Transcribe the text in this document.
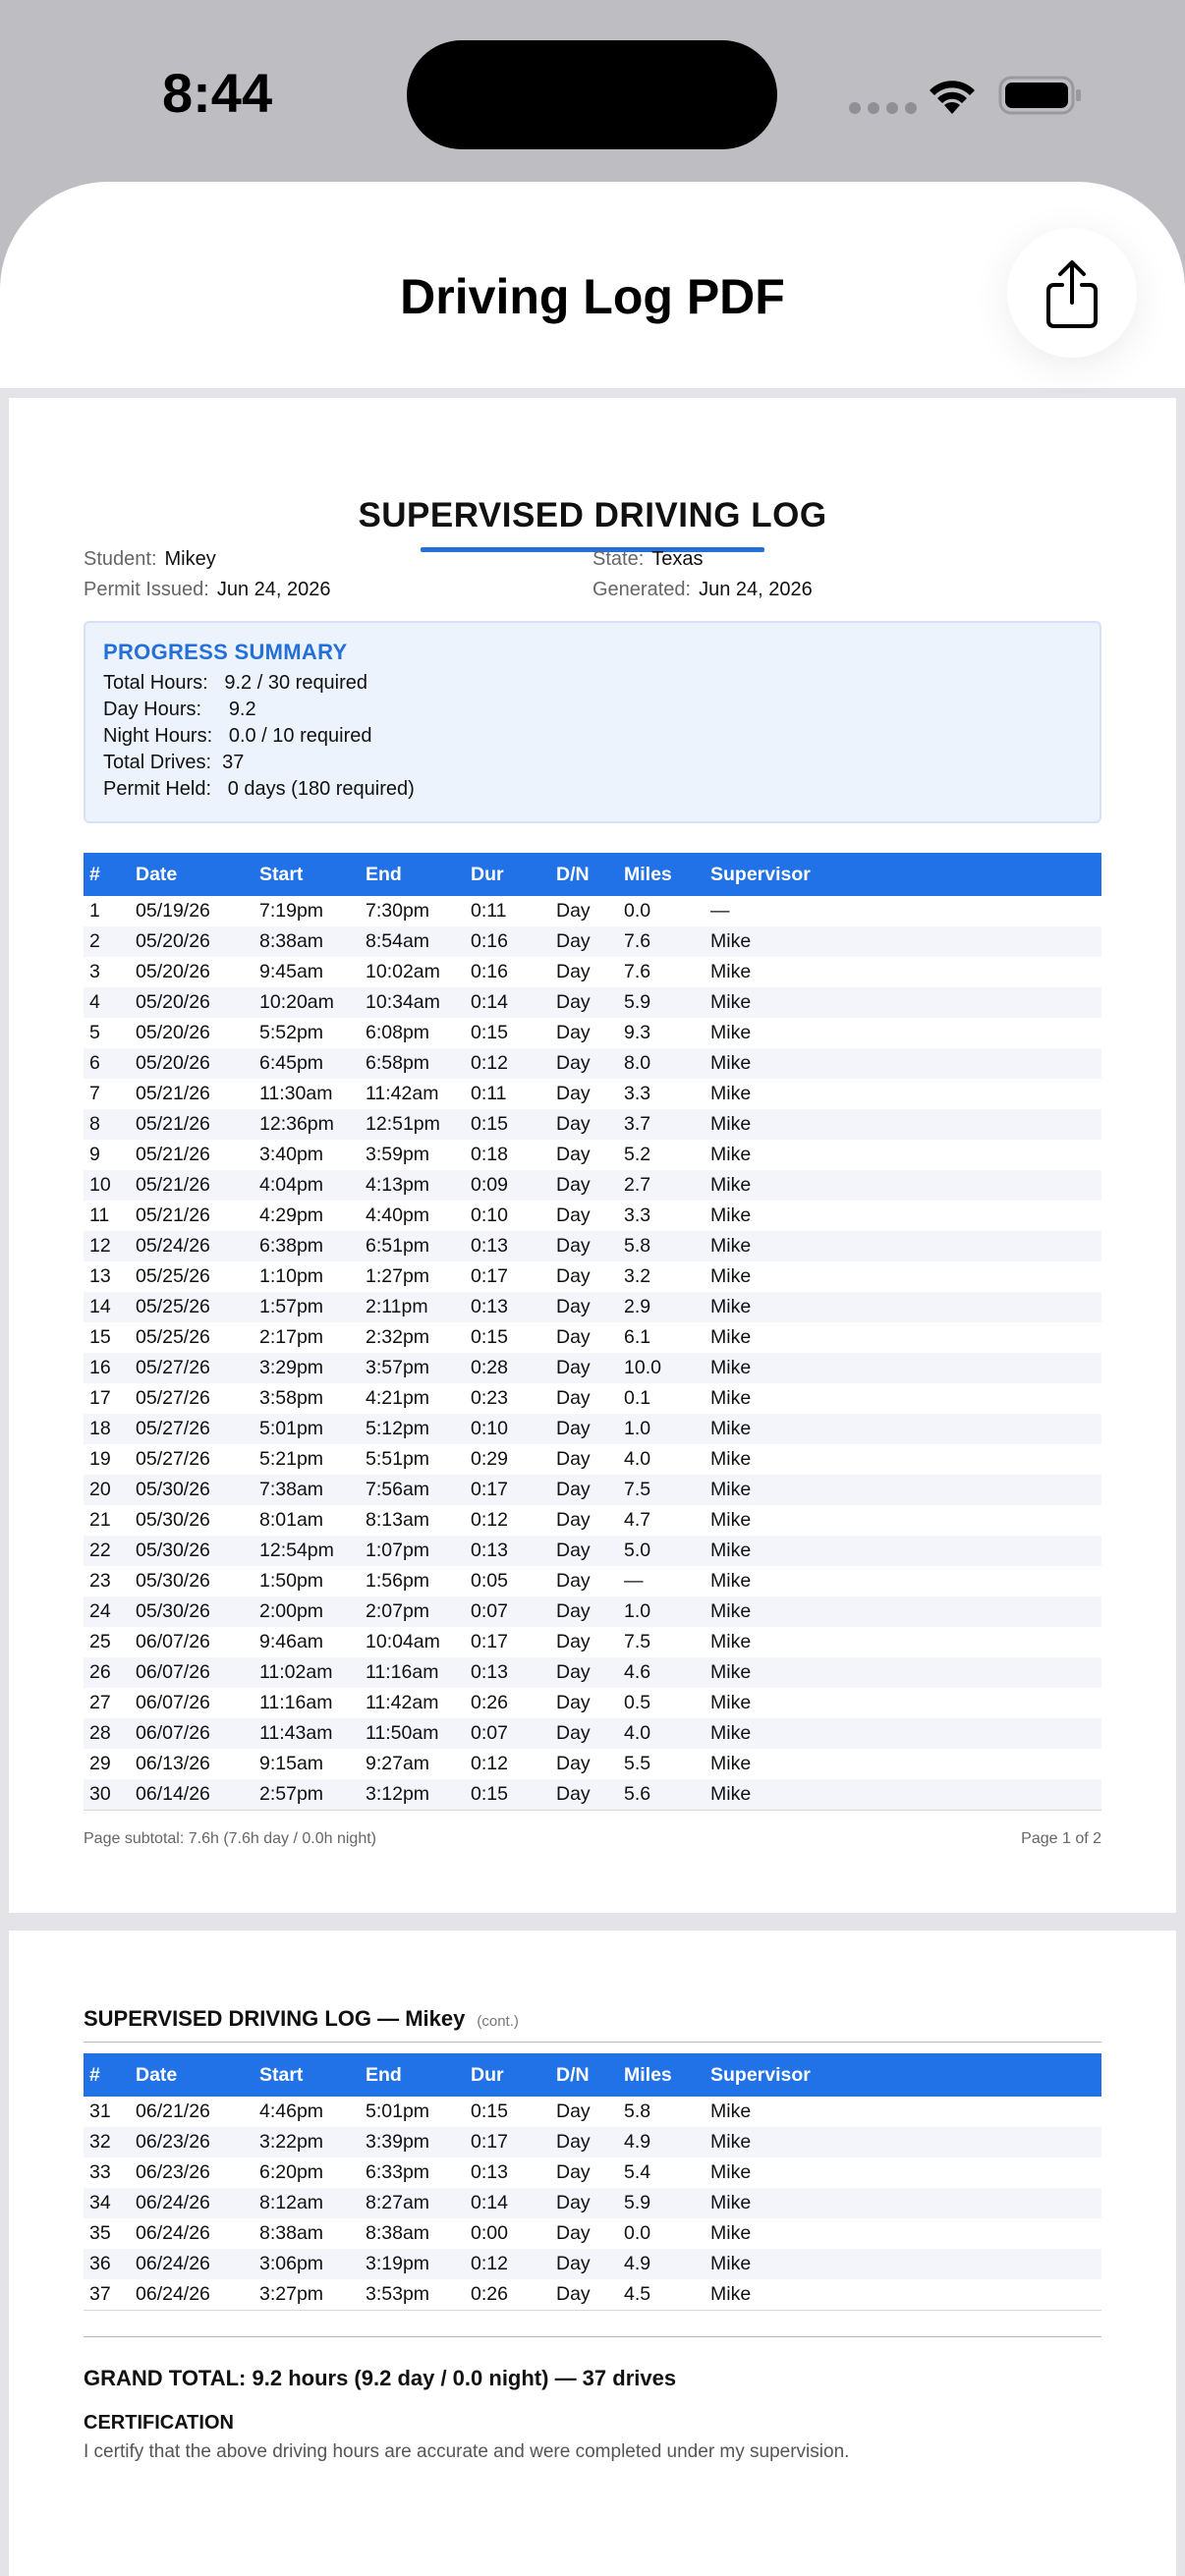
8:44
Driving Log PDF
SUPERVISED DRIVING LOG
Student: Mikey	State: Texas
Permit Issued: Jun 24, 2026	Generated: Jun 24, 2026
PROGRESS SUMMARY
Total Hours:   9.2 / 30 required
Day Hours:     9.2
Night Hours:   0.0 / 10 required
Total Drives:  37
Permit Held:   0 days (180 required)
#	Date	Start	End	Dur	D/N	Miles	Supervisor
1	05/19/26	7:19pm	7:30pm	0:11	Day	0.0	—
2	05/20/26	8:38am	8:54am	0:16	Day	7.6	Mike
3	05/20/26	9:45am	10:02am	0:16	Day	7.6	Mike
4	05/20/26	10:20am	10:34am	0:14	Day	5.9	Mike
5	05/20/26	5:52pm	6:08pm	0:15	Day	9.3	Mike
6	05/20/26	6:45pm	6:58pm	0:12	Day	8.0	Mike
7	05/21/26	11:30am	11:42am	0:11	Day	3.3	Mike
8	05/21/26	12:36pm	12:51pm	0:15	Day	3.7	Mike
9	05/21/26	3:40pm	3:59pm	0:18	Day	5.2	Mike
10	05/21/26	4:04pm	4:13pm	0:09	Day	2.7	Mike
11	05/21/26	4:29pm	4:40pm	0:10	Day	3.3	Mike
12	05/24/26	6:38pm	6:51pm	0:13	Day	5.8	Mike
13	05/25/26	1:10pm	1:27pm	0:17	Day	3.2	Mike
14	05/25/26	1:57pm	2:11pm	0:13	Day	2.9	Mike
15	05/25/26	2:17pm	2:32pm	0:15	Day	6.1	Mike
16	05/27/26	3:29pm	3:57pm	0:28	Day	10.0	Mike
17	05/27/26	3:58pm	4:21pm	0:23	Day	0.1	Mike
18	05/27/26	5:01pm	5:12pm	0:10	Day	1.0	Mike
19	05/27/26	5:21pm	5:51pm	0:29	Day	4.0	Mike
20	05/30/26	7:38am	7:56am	0:17	Day	7.5	Mike
21	05/30/26	8:01am	8:13am	0:12	Day	4.7	Mike
22	05/30/26	12:54pm	1:07pm	0:13	Day	5.0	Mike
23	05/30/26	1:50pm	1:56pm	0:05	Day	—	Mike
24	05/30/26	2:00pm	2:07pm	0:07	Day	1.0	Mike
25	06/07/26	9:46am	10:04am	0:17	Day	7.5	Mike
26	06/07/26	11:02am	11:16am	0:13	Day	4.6	Mike
27	06/07/26	11:16am	11:42am	0:26	Day	0.5	Mike
28	06/07/26	11:43am	11:50am	0:07	Day	4.0	Mike
29	06/13/26	9:15am	9:27am	0:12	Day	5.5	Mike
30	06/14/26	2:57pm	3:12pm	0:15	Day	5.6	Mike
Page subtotal: 7.6h (7.6h day / 0.0h night)	Page 1 of 2
SUPERVISED DRIVING LOG — Mikey (cont.)
#	Date	Start	End	Dur	D/N	Miles	Supervisor
31	06/21/26	4:46pm	5:01pm	0:15	Day	5.8	Mike
32	06/23/26	3:22pm	3:39pm	0:17	Day	4.9	Mike
33	06/23/26	6:20pm	6:33pm	0:13	Day	5.4	Mike
34	06/24/26	8:12am	8:27am	0:14	Day	5.9	Mike
35	06/24/26	8:38am	8:38am	0:00	Day	0.0	Mike
36	06/24/26	3:06pm	3:19pm	0:12	Day	4.9	Mike
37	06/24/26	3:27pm	3:53pm	0:26	Day	4.5	Mike
GRAND TOTAL: 9.2 hours (9.2 day / 0.0 night) — 37 drives
CERTIFICATION
I certify that the above driving hours are accurate and were completed under my supervision.
